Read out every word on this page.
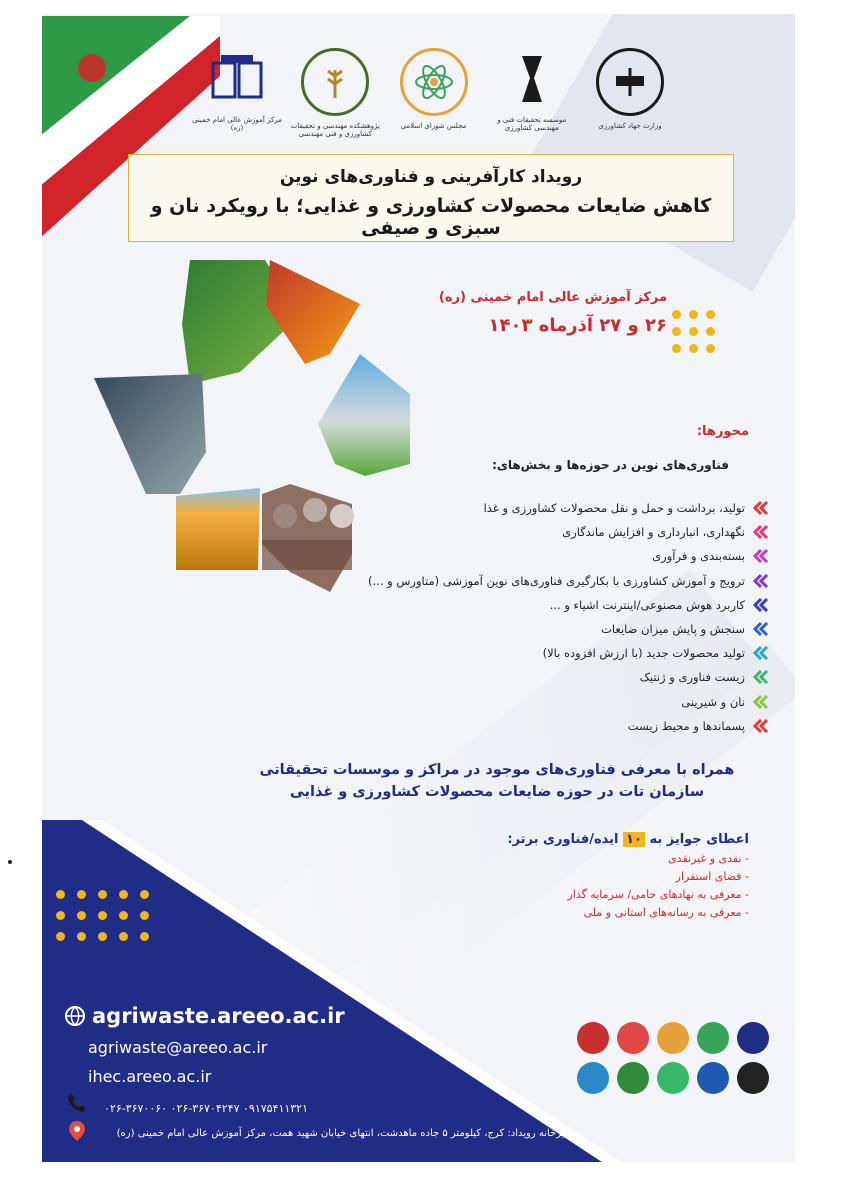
مرکز آموزش عالی امام خمینی (ره)	پژوهشکده مهندسی و تحقیقات کشاورزی و فنی مهندسی
مجلس شورای اسلامی
موسسه تحقیقات فنی و مهندسی کشاورزی	وزارت جهاد کشاورزی
رویداد کارآفرینی و فناوری‌های نوین
کاهش ضایعات محصولات کشاورزی و غذایی؛ با رویکرد نان و سبزی و صیفی
مرکز آموزش عالی امام خمینی (ره)
۲۶ و ۲۷ آذرماه ۱۴۰۳
محورها:
فناوری‌های نوین در حوزه‌ها و بخش‌های:
تولید، برداشت و حمل و نقل محصولات کشاورزی و غذا
نگهداری، انبارداری و افزایش ماندگاری
بسته‌بندی و فرآوری
ترویج و آموزش کشاورزی با بکارگیری فناوری‌های نوین آموزشی (متاورس و ...)
کاربرد هوش مصنوعی/اینترنت اشیاء و ...
سنجش و پایش میزان ضایعات
تولید محصولات جدید (با ارزش افزوده بالا)
زیست فناوری و ژنتیک
نان و شیرینی
پسماندها و محیط زیست
همراه با معرفی فناوری‌های موجود در مراکز و موسسات تحقیقاتی
سازمان تات در حوزه ضایعات محصولات کشاورزی و غذایی
اعطای جوایز به ۱۰ ایده/فناوری برتر:
- نقدی و غیرنقدی
- فضای استقرار
- معرفی به نهادهای حامی/ سرمایه گذار
- معرفی به رسانه‌های استانی و ملی
agriwaste.areeo.ac.ir
agriwaste@areeo.ac.ir
ihec.areeo.ac.ir
۰۲۶-۳۶۷۰۰۶۰ ۰۲۶-۳۶۷۰۴۲۴۷ ۰۹۱۷۵۴۱۱۳۲۱
دبیرخانه رویداد: کرج، کیلومتر ۵ جاده ماهدشت، انتهای خیابان شهید همت، مرکز آموزش عالی امام خمینی (ره)
